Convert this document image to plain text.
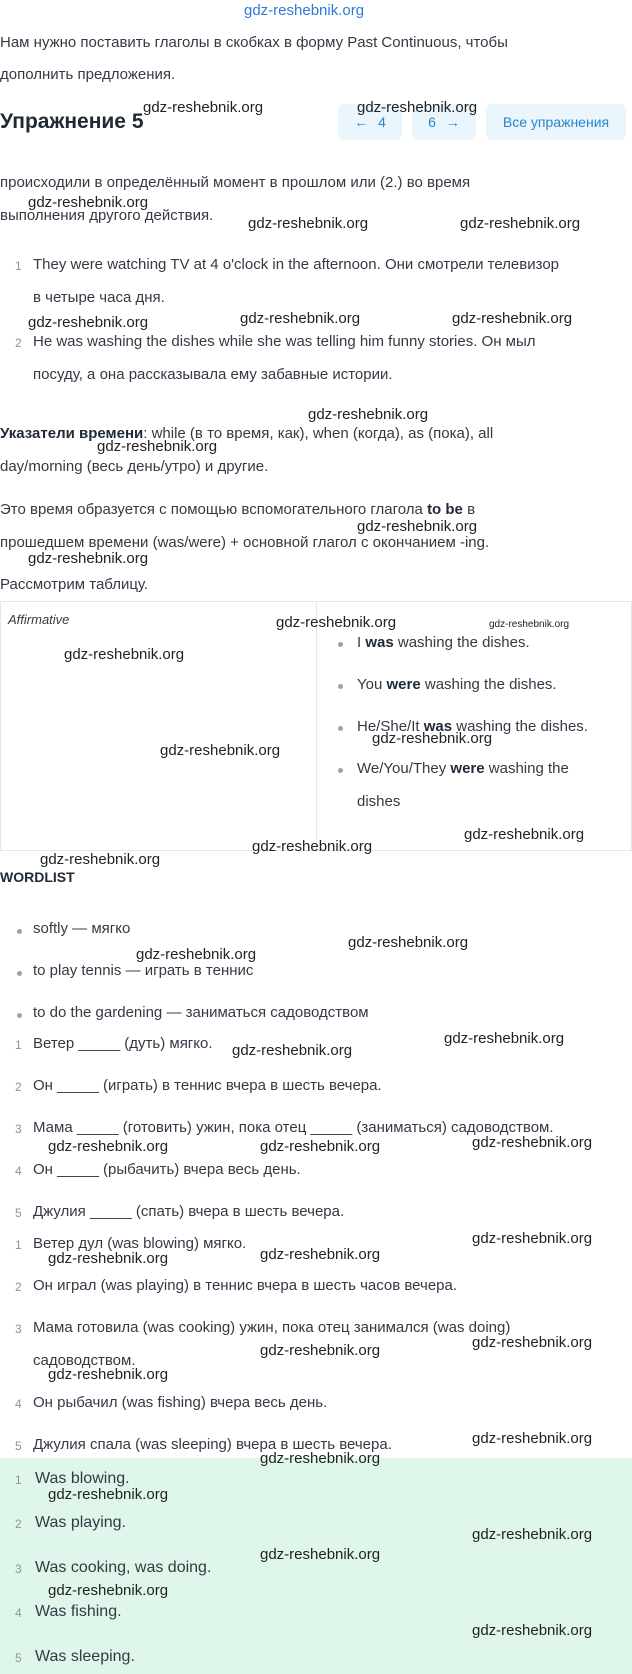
gdz-reshebnik.org
Нам нужно поставить глаголы в скобках в форму Past Continuous, чтобы
дополнить предложения.
Упражнение 5	← 4	6 →	Все упражнения
происходили в определённый момент в прошлом или (2.) во время
выполнения другого действия.
1 They were watching TV at 4 o'clock in the afternoon. Они смотрели телевизор
в четыре часа дня.
2 He was washing the dishes while she was telling him funny stories. Он мыл
посуду, а она рассказывала ему забавные истории.
Указатели времени: while (в то время, как), when (когда), as (пока), all
day/morning (весь день/утро) и другие.
Это время образуется с помощью вспомогательного глагола to be в
прошедшем времени (was/were) + основной глагол с окончанием -ing.
Рассмотрим таблицу.
Affirmative
I was washing the dishes.
You were washing the dishes.
He/She/It was washing the dishes.
We/You/They were washing the
dishes
WORDLIST
softly — мягко
to play tennis — играть в теннис
to do the gardening — заниматься садоводством
1 Ветер _____ (дуть) мягко.
2 Он _____ (играть) в теннис вчера в шесть вечера.
3 Мама _____ (готовить) ужин, пока отец _____ (заниматься) садоводством.
4 Он _____ (рыбачить) вчера весь день.
5 Джулия _____ (спать) вчера в шесть вечера.
1 Ветер дул (was blowing) мягко.
2 Он играл (was playing) в теннис вчера в шесть часов вечера.
3 Мама готовила (was cooking) ужин, пока отец занимался (was doing)
садоводством.
4 Он рыбачил (was fishing) вчера весь день.
5 Джулия спала (was sleeping) вчера в шесть вечера.
1 Was blowing.
2 Was playing.
3 Was cooking, was doing.
4 Was fishing.
5 Was sleeping.
gdz-reshebnik.org	gdz-reshebnik.org
gdz-reshebnik.org
gdz-reshebnik.org	gdz-reshebnik.org
gdz-reshebnik.org	gdz-reshebnik.org	gdz-reshebnik.org
gdz-reshebnik.org
gdz-reshebnik.org
gdz-reshebnik.org
gdz-reshebnik.org
gdz-reshebnik.org	gdz-reshebnik.org
gdz-reshebnik.org
gdz-reshebnik.org
gdz-reshebnik.org
gdz-reshebnik.org
gdz-reshebnik.org
gdz-reshebnik.org
gdz-reshebnik.org
gdz-reshebnik.org
gdz-reshebnik.org
gdz-reshebnik.org
gdz-reshebnik.org	gdz-reshebnik.org	gdz-reshebnik.org
gdz-reshebnik.org	gdz-reshebnik.org
gdz-reshebnik.org
gdz-reshebnik.org
gdz-reshebnik.org
gdz-reshebnik.org
gdz-reshebnik.org
gdz-reshebnik.org
gdz-reshebnik.org
gdz-reshebnik.org
gdz-reshebnik.org
gdz-reshebnik.org
gdz-reshebnik.org
